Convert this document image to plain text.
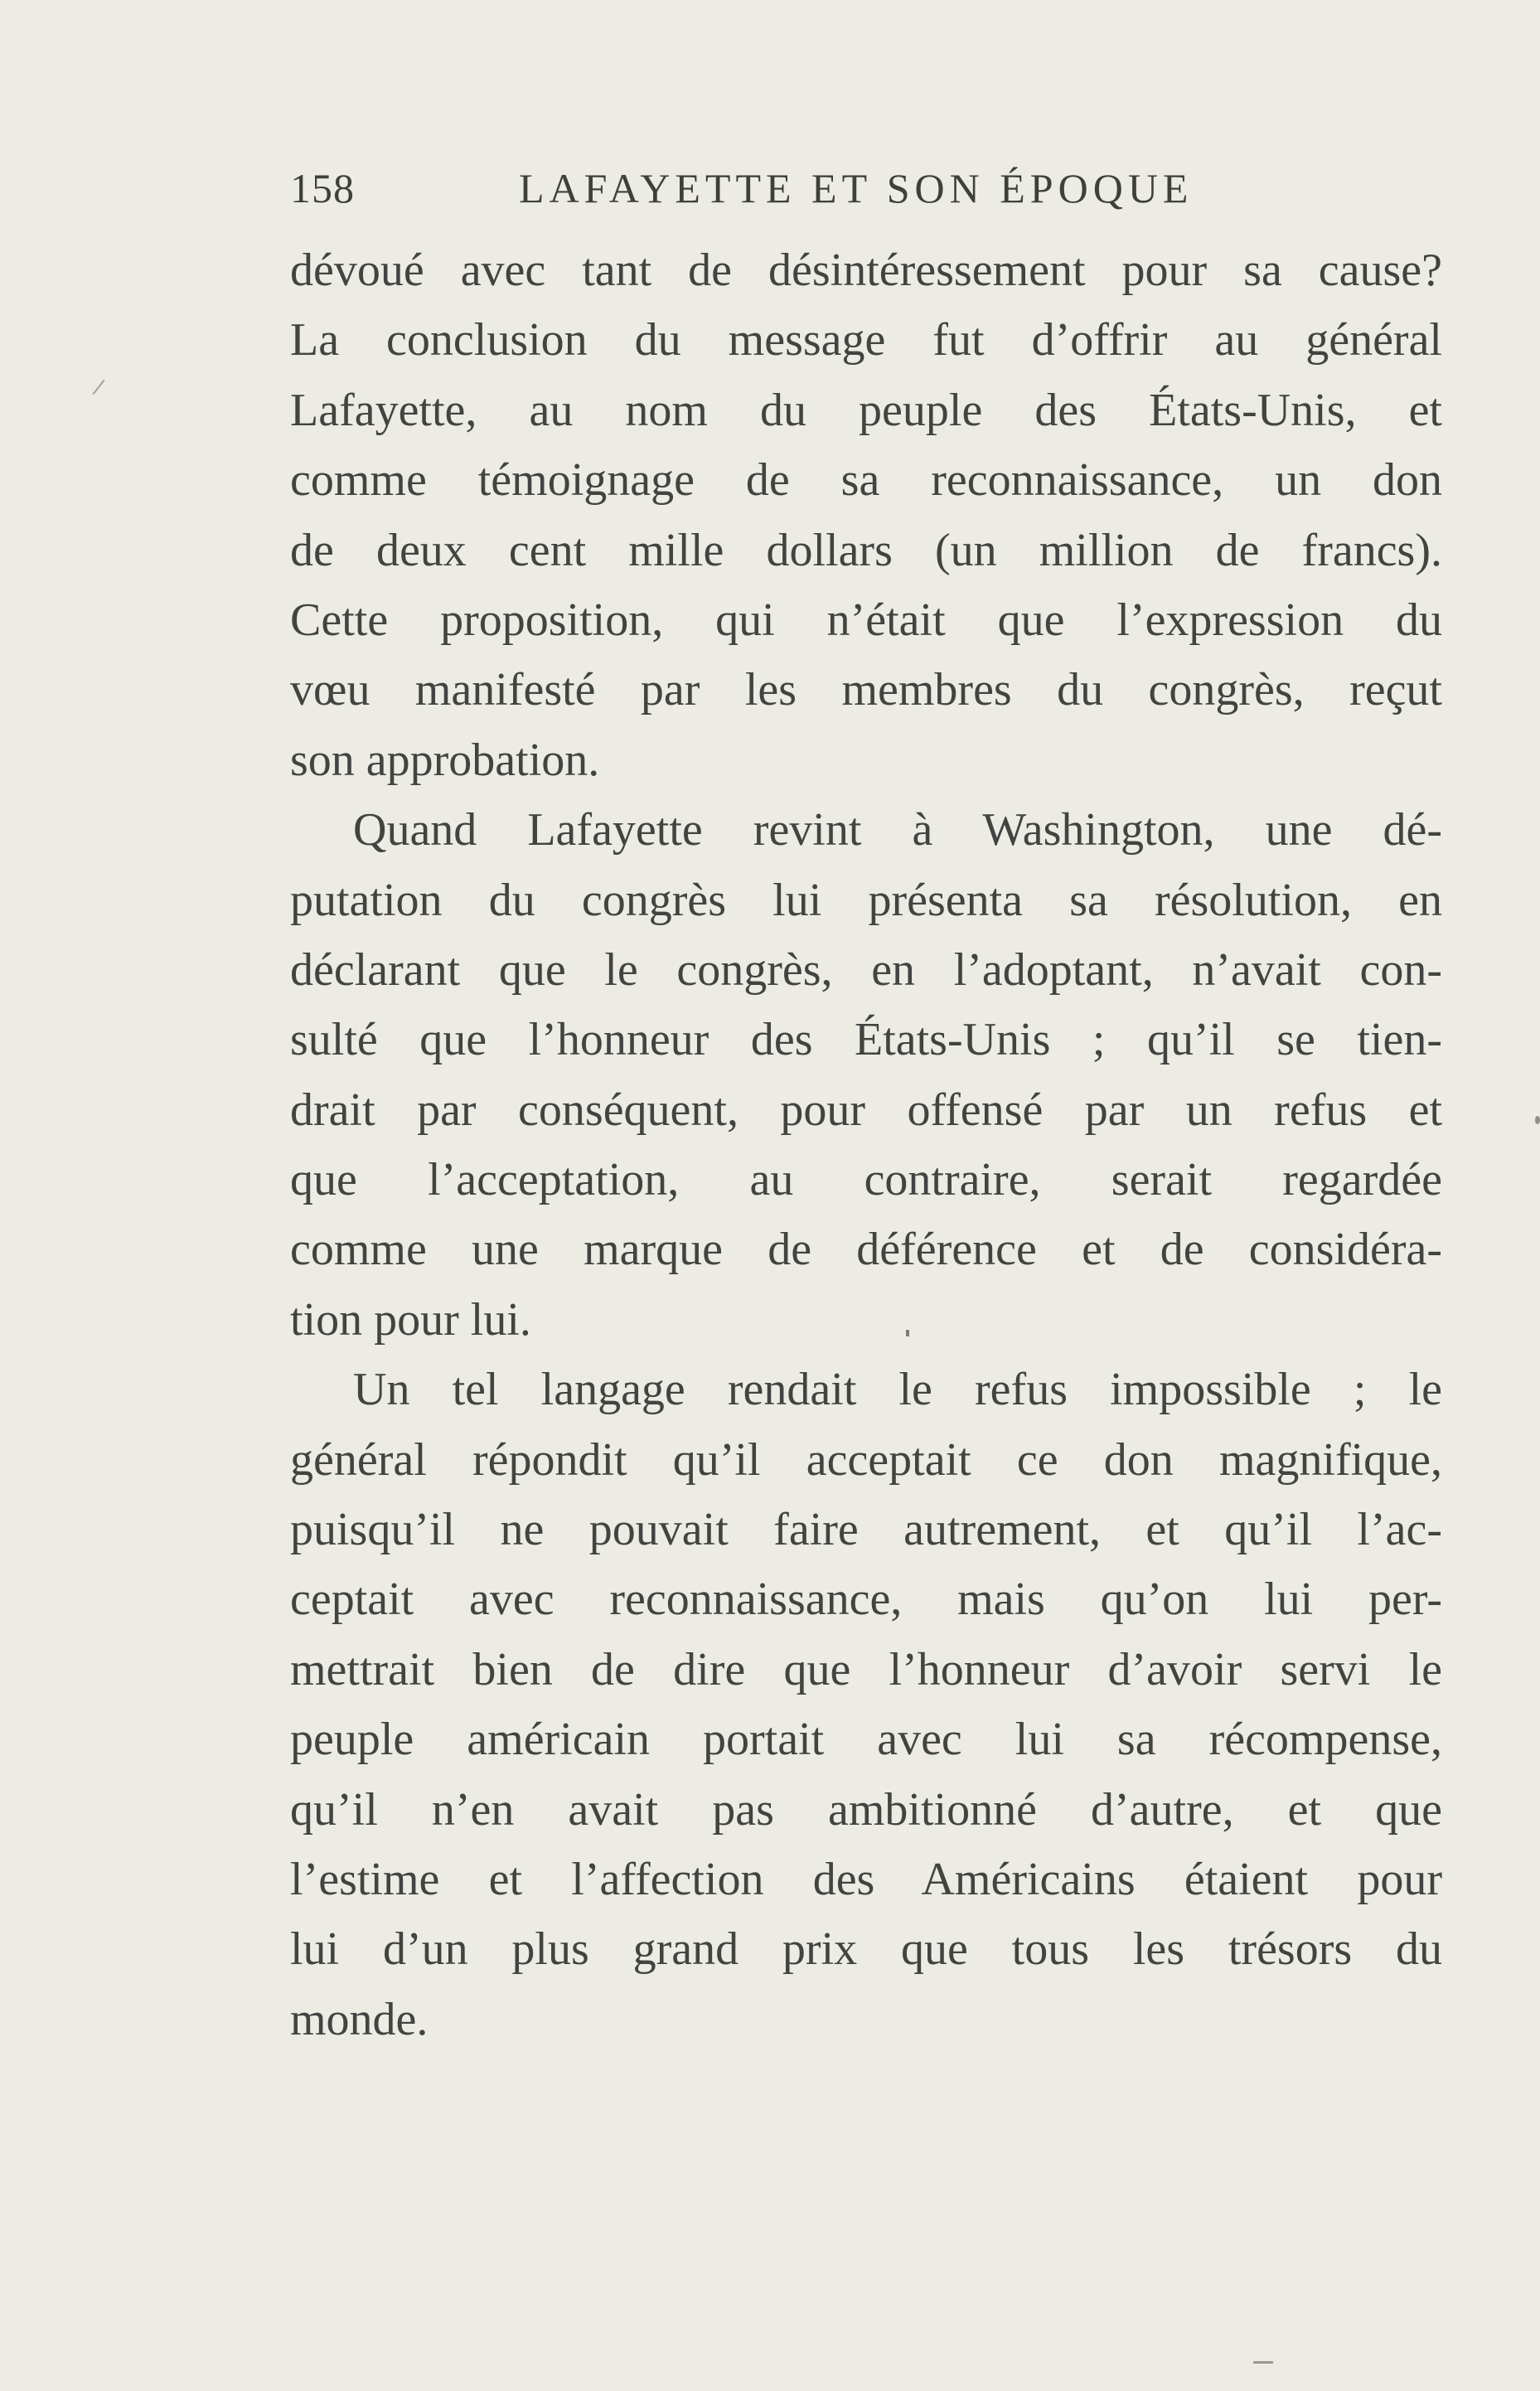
158	LAFAYETTE ET SON ÉPOQUE
dévoué avec tant de désintéressement pour sa cause?
La conclusion du message fut d’offrir au général
Lafayette, au nom du peuple des États-Unis, et
comme témoignage de sa reconnaissance, un don
de deux cent mille dollars (un million de francs).
Cette proposition, qui n’était que l’expression du
vœu manifesté par les membres du congrès, reçut
son approbation.
Quand Lafayette revint à Washington, une dé-
putation du congrès lui présenta sa résolution, en
déclarant que le congrès, en l’adoptant, n’avait con-
sulté que l’honneur des États-Unis ; qu’il se tien-
drait par conséquent, pour offensé par un refus et
que l’acceptation, au contraire, serait regardée
comme une marque de déférence et de considéra-
tion pour lui.
Un tel langage rendait le refus impossible ; le
général répondit qu’il acceptait ce don magnifique,
puisqu’il ne pouvait faire autrement, et qu’il l’ac-
ceptait avec reconnaissance, mais qu’on lui per-
mettrait bien de dire que l’honneur d’avoir servi le
peuple américain portait avec lui sa récompense,
qu’il n’en avait pas ambitionné d’autre, et que
l’estime et l’affection des Américains étaient pour
lui d’un plus grand prix que tous les trésors du
monde.
